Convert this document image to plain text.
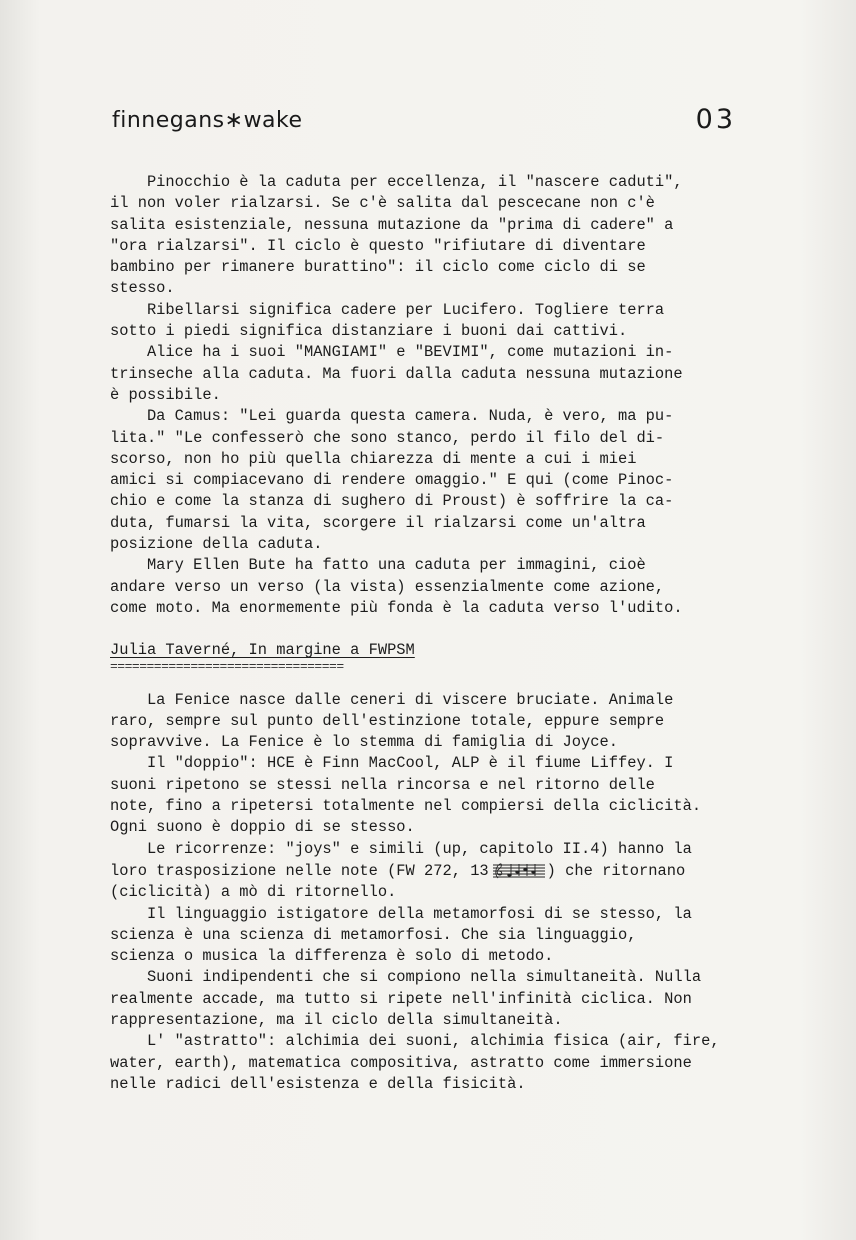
finnegans∗wake	03

Pinocchio è la caduta per eccellenza, il "nascere caduti",

il non voler rialzarsi. Se c'è salita dal pescecane non c'è

salita esistenziale, nessuna mutazione da "prima di cadere" a

"ora rialzarsi". Il ciclo è questo "rifiutare di diventare

bambino per rimanere burattino": il ciclo come ciclo di se

stesso.

Ribellarsi significa cadere per Lucifero. Togliere terra

sotto i piedi significa distanziare i buoni dai cattivi.

Alice ha i suoi "MANGIAMI" e "BEVIMI", come mutazioni in-

trinseche alla caduta. Ma fuori dalla caduta nessuna mutazione

è possibile.

Da Camus: "Lei guarda questa camera. Nuda, è vero, ma pu-

lita." "Le confesserò che sono stanco, perdo il filo del di-

scorso, non ho più quella chiarezza di mente a cui i miei

amici si compiacevano di rendere omaggio." E qui (come Pinoc-

chio e come la stanza di sughero di Proust) è soffrire la ca-

duta, fumarsi la vita, scorgere il rialzarsi come un'altra

posizione della caduta.

Mary Ellen Bute ha fatto una caduta per immagini, cioè

andare verso un verso (la vista) essenzialmente come azione,

come moto. Ma enormemente più fonda è la caduta verso l'udito.

Julia Taverné, In margine a FWPSM

================================

La Fenice nasce dalle ceneri di viscere bruciate. Animale

raro, sempre sul punto dell'estinzione totale, eppure sempre

sopravvive. La Fenice è lo stemma di famiglia di Joyce.

Il "doppio": HCE è Finn MacCool, ALP è il fiume Liffey. I

suoni ripetono se stessi nella rincorsa e nel ritorno delle

note, fino a ripetersi totalmente nel compiersi della ciclicità.

Ogni suono è doppio di se stesso.

Le ricorrenze: "joys" e simili (up, capitolo II.4) hanno la

loro trasposizione nelle note (FW 272, 13	) che ritornano

(ciclicità) a mò di ritornello.

Il linguaggio istigatore della metamorfosi di se stesso, la

scienza è una scienza di metamorfosi. Che sia linguaggio,

scienza o musica la differenza è solo di metodo.

Suoni indipendenti che si compiono nella simultaneità. Nulla

realmente accade, ma tutto si ripete nell'infinità ciclica. Non

rappresentazione, ma il ciclo della simultaneità.

L' "astratto": alchimia dei suoni, alchimia fisica (air, fire,

water, earth), matematica compositiva, astratto come immersione

nelle radici dell'esistenza e della fisicità.
